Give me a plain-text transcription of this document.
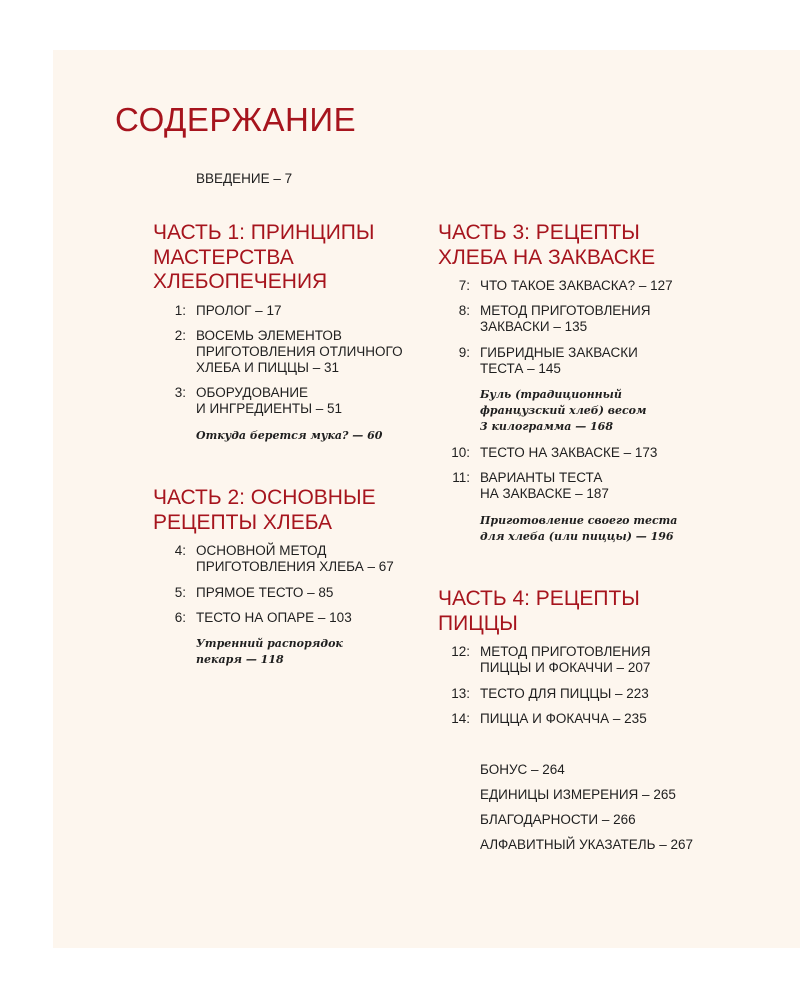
СОДЕРЖАНИЕ
ВВЕДЕНИЕ – 7
ЧАСТЬ 1: ПРИНЦИПЫ
МАСТЕРСТВА
ХЛЕБОПЕЧЕНИЯ
1: ПРОЛОГ – 17
2: ВОСЕМЬ ЭЛЕМЕНТОВ
ПРИГОТОВЛЕНИЯ ОТЛИЧНОГО
ХЛЕБА И ПИЦЦЫ – 31
3: ОБОРУДОВАНИЕ
И ИНГРЕДИЕНТЫ – 51
Откуда берется мука? — 60
ЧАСТЬ 2: ОСНОВНЫЕ
РЕЦЕПТЫ ХЛЕБА
4: ОСНОВНОЙ МЕТОД
ПРИГОТОВЛЕНИЯ ХЛЕБА – 67
5: ПРЯМОЕ ТЕСТО – 85
6: ТЕСТО НА ОПАРЕ – 103
Утренний распорядок
пекаря — 118
ЧАСТЬ 3: РЕЦЕПТЫ
ХЛЕБА НА ЗАКВАСКЕ
7: ЧТО ТАКОЕ ЗАКВАСКА? – 127
8: МЕТОД ПРИГОТОВЛЕНИЯ
ЗАКВАСКИ – 135
9: ГИБРИДНЫЕ ЗАКВАСКИ
ТЕСТА – 145
Буль (традиционный
французский хлеб) весом
3 килограмма — 168
10: ТЕСТО НА ЗАКВАСКЕ – 173
11: ВАРИАНТЫ ТЕСТА
НА ЗАКВАСКЕ – 187
Приготовление своего теста
для хлеба (или пиццы) — 196
ЧАСТЬ 4: РЕЦЕПТЫ
ПИЦЦЫ
12: МЕТОД ПРИГОТОВЛЕНИЯ
ПИЦЦЫ И ФОКАЧЧИ – 207
13: ТЕСТО ДЛЯ ПИЦЦЫ – 223
14: ПИЦЦА И ФОКАЧЧА – 235
БОНУС – 264
ЕДИНИЦЫ ИЗМЕРЕНИЯ – 265
БЛАГОДАРНОСТИ – 266
АЛФАВИТНЫЙ УКАЗАТЕЛЬ – 267
